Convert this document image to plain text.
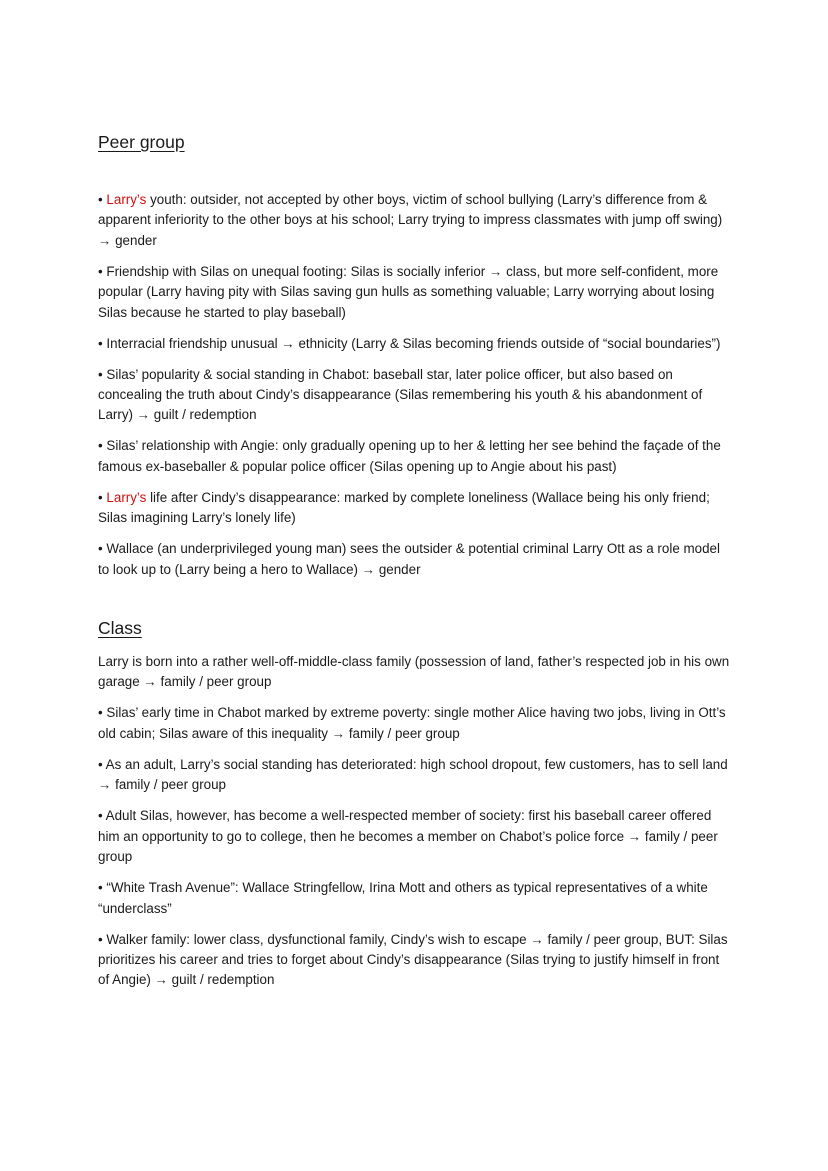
Peer group

• Larry’s youth: outsider, not accepted by other boys, victim of school bullying (Larry’s difference from & apparent inferiority to the other boys at his school; Larry trying to impress classmates with jump off swing) → gender

• Friendship with Silas on unequal footing: Silas is socially inferior → class, but more self-confident, more popular (Larry having pity with Silas saving gun hulls as something valuable; Larry worrying about losing Silas because he started to play baseball)

• Interracial friendship unusual → ethnicity (Larry & Silas becoming friends outside of “social boundaries”)

• Silas’ popularity & social standing in Chabot: baseball star, later police officer, but also based on concealing the truth about Cindy’s disappearance (Silas remembering his youth & his abandonment of Larry) → guilt / redemption

• Silas’ relationship with Angie: only gradually opening up to her & letting her see behind the façade of the famous ex-baseballer & popular police officer (Silas opening up to Angie about his past)

• Larry’s life after Cindy’s disappearance: marked by complete loneliness (Wallace being his only friend; Silas imagining Larry’s lonely life)

• Wallace (an underprivileged young man) sees the outsider & potential criminal Larry Ott as a role model to look up to (Larry being a hero to Wallace) → gender

Class

Larry is born into a rather well-off-middle-class family (possession of land, father’s respected job in his own garage → family / peer group

• Silas’ early time in Chabot marked by extreme poverty: single mother Alice having two jobs, living in Ott’s old cabin; Silas aware of this inequality → family / peer group

• As an adult, Larry’s social standing has deteriorated: high school dropout, few customers, has to sell land → family / peer group

• Adult Silas, however, has become a well-respected member of society: first his baseball career offered him an opportunity to go to college, then he becomes a member on Chabot’s police force → family / peer group

• “White Trash Avenue”: Wallace Stringfellow, Irina Mott and others as typical representatives of a white “underclass”

• Walker family: lower class, dysfunctional family, Cindy’s wish to escape → family / peer group, BUT: Silas prioritizes his career and tries to forget about Cindy’s disappearance (Silas trying to justify himself in front of Angie) → guilt / redemption
